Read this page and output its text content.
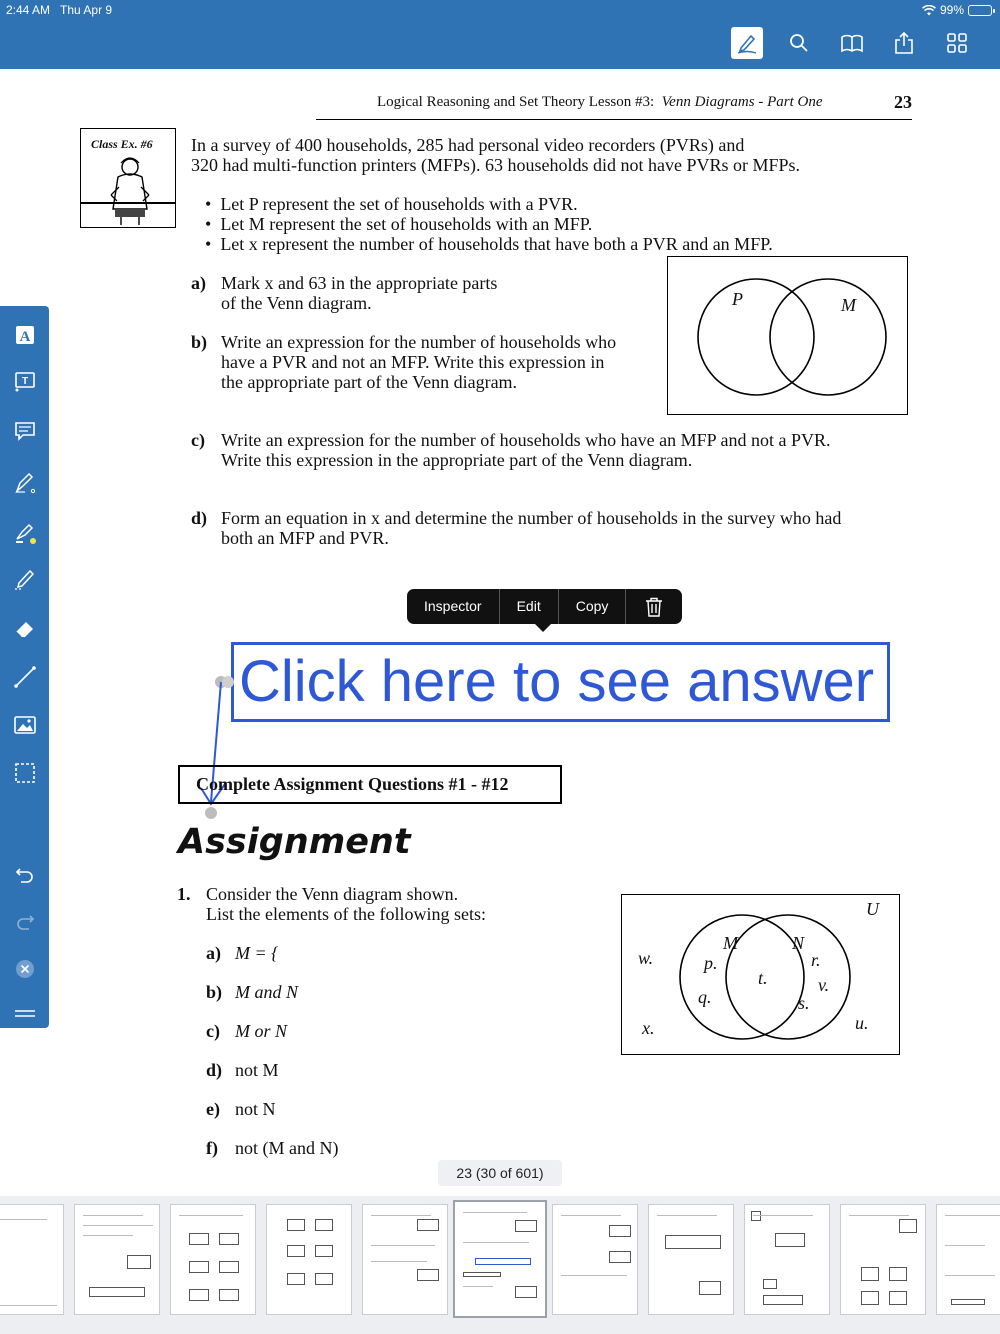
2:44 AM Thu Apr 9	99%
A
T
Logical Reasoning and Set Theory Lesson #3: Venn Diagrams - Part One	23
Class Ex. #6 In a survey of 400 households, 285 had personal video recorders (PVRs) and
320 had multi-function printers (MFPs). 63 households did not have PVRs or MFPs.
•  Let P represent the set of households with a PVR.
•  Let M represent the set of households with an MFP.
•  Let x represent the number of households that have both a PVR and an MFP.
a) Mark x and 63 in the appropriate parts
of the Venn diagram.
b) Write an expression for the number of households who
have a PVR and not an MFP. Write this expression in
the appropriate part of the Venn diagram.
c) Write an expression for the number of households who have an MFP and not a PVR.
Write this expression in the appropriate part of the Venn diagram.
d) Form an equation in x and determine the number of households in the survey who had
both an MFP and PVR.
P	M
Inspector	Edit	Copy
Click here to see answer
Complete Assignment Questions #1 - #12
Assignment
1. Consider the Venn diagram shown.
List the elements of the following sets:
a) M = {
b) M and N
c) M or N
d) not M
e) not N
f) not (M and N)
U
M	N
w.
x.	u.
p.
q.
t.
r.
v.
s.
23 (30 of 601)
